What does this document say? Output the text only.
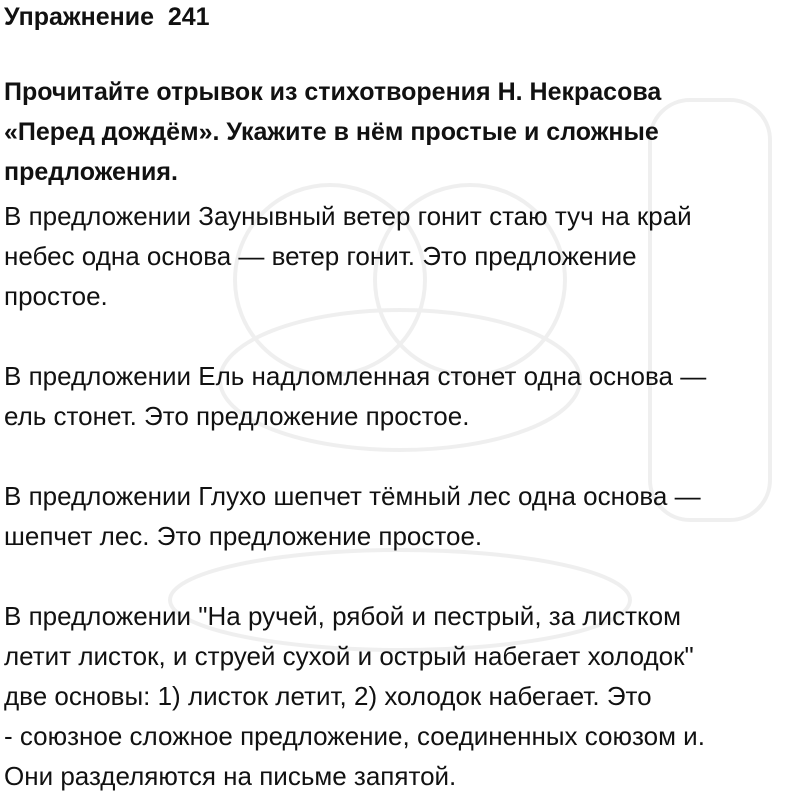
Упражнение  241
Прочитайте отрывок из стихотворения Н. Некрасова
«Перед дождём». Укажите в нём простые и сложные
предложения.

В предложении Заунывный ветер гонит стаю туч на край
небес одна основа — ветер гонит. Это предложение
простое.

В предложении Ель надломленная стонет одна основа —
ель стонет. Это предложение простое.

В предложении Глухо шепчет тёмный лес одна основа —
шепчет лес. Это предложение простое.

В предложении "На ручей, рябой и пестрый, за листком
летит листок, и струей сухой и острый набегает холодок"
две основы: 1) листок летит, 2) холодок набегает. Это
- союзное сложное предложение, соединенных союзом и.
Они разделяются на письме запятой.
